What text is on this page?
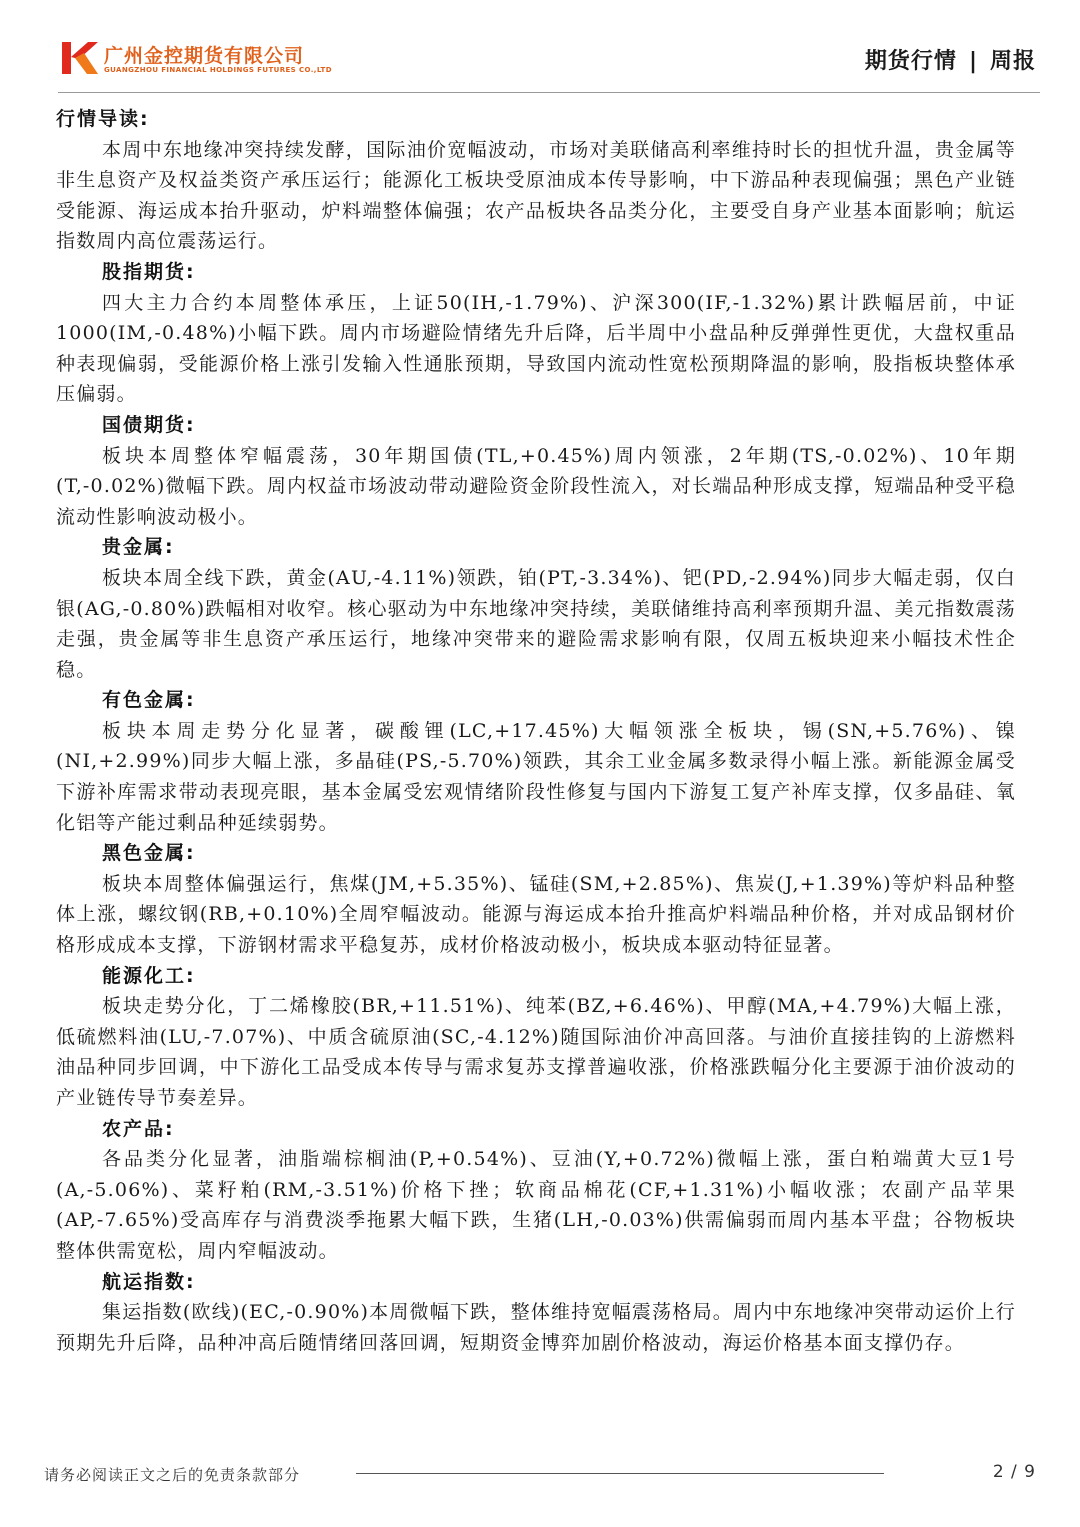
广州金控期货有限公司
GUANGZHOU FINANCIAL HOLDINGS FUTURES CO.,LTD	期货行情 | 周报
行情导读:

本周中东地缘冲突持续发酵，国际油价宽幅波动，市场对美联储高利率维持时长的担忧升温，贵金属等非生息资产及权益类资产承压运行；能源化工板块受原油成本传导影响，中下游品种表现偏强；黑色产业链受能源、海运成本抬升驱动，炉料端整体偏强；农产品板块各品类分化，主要受自身产业基本面影响；航运指数周内高位震荡运行。

股指期货:

四大主力合约本周整体承压，上证50(IH,-1.79%)、沪深300(IF,-1.32%)累计跌幅居前，中证1000(IM,-0.48%)小幅下跌。周内市场避险情绪先升后降，后半周中小盘品种反弹弹性更优，大盘权重品种表现偏弱，受能源价格上涨引发输入性通胀预期，导致国内流动性宽松预期降温的影响，股指板块整体承压偏弱。

国债期货:

板块本周整体窄幅震荡，30年期国债(TL,+0.45%)周内领涨，2年期(TS,-0.02%)、10年期(T,-0.02%)微幅下跌。周内权益市场波动带动避险资金阶段性流入，对长端品种形成支撑，短端品种受平稳流动性影响波动极小。

贵金属:

板块本周全线下跌，黄金(AU,-4.11%)领跌，铂(PT,-3.34%)、钯(PD,-2.94%)同步大幅走弱，仅白银(AG,-0.80%)跌幅相对收窄。核心驱动为中东地缘冲突持续，美联储维持高利率预期升温、美元指数震荡走强，贵金属等非生息资产承压运行，地缘冲突带来的避险需求影响有限，仅周五板块迎来小幅技术性企稳。

有色金属:

板块本周走势分化显著，碳酸锂(LC,+17.45%)大幅领涨全板块，锡(SN,+5.76%)、镍(NI,+2.99%)同步大幅上涨，多晶硅(PS,-5.70%)领跌，其余工业金属多数录得小幅上涨。新能源金属受下游补库需求带动表现亮眼，基本金属受宏观情绪阶段性修复与国内下游复工复产补库支撑，仅多晶硅、氧化铝等产能过剩品种延续弱势。

黑色金属:

板块本周整体偏强运行，焦煤(JM,+5.35%)、锰硅(SM,+2.85%)、焦炭(J,+1.39%)等炉料品种整体上涨，螺纹钢(RB,+0.10%)全周窄幅波动。能源与海运成本抬升推高炉料端品种价格，并对成品钢材价格形成成本支撑，下游钢材需求平稳复苏，成材价格波动极小，板块成本驱动特征显著。

能源化工:

板块走势分化，丁二烯橡胶(BR,+11.51%)、纯苯(BZ,+6.46%)、甲醇(MA,+4.79%)大幅上涨，低硫燃料油(LU,-7.07%)、中质含硫原油(SC,-4.12%)随国际油价冲高回落。与油价直接挂钩的上游燃料油品种同步回调，中下游化工品受成本传导与需求复苏支撑普遍收涨，价格涨跌幅分化主要源于油价波动的产业链传导节奏差异。

农产品:

各品类分化显著，油脂端棕榈油(P,+0.54%)、豆油(Y,+0.72%)微幅上涨，蛋白粕端黄大豆1号(A,-5.06%)、菜籽粕(RM,-3.51%)价格下挫；软商品棉花(CF,+1.31%)小幅收涨；农副产品苹果(AP,-7.65%)受高库存与消费淡季拖累大幅下跌，生猪(LH,-0.03%)供需偏弱而周内基本平盘；谷物板块整体供需宽松，周内窄幅波动。

航运指数:

集运指数(欧线)(EC,-0.90%)本周微幅下跌，整体维持宽幅震荡格局。周内中东地缘冲突带动运价上行预期先升后降，品种冲高后随情绪回落回调，短期资金博弈加剧价格波动，海运价格基本面支撑仍存。

请务必阅读正文之后的免责条款部分	2 / 9
